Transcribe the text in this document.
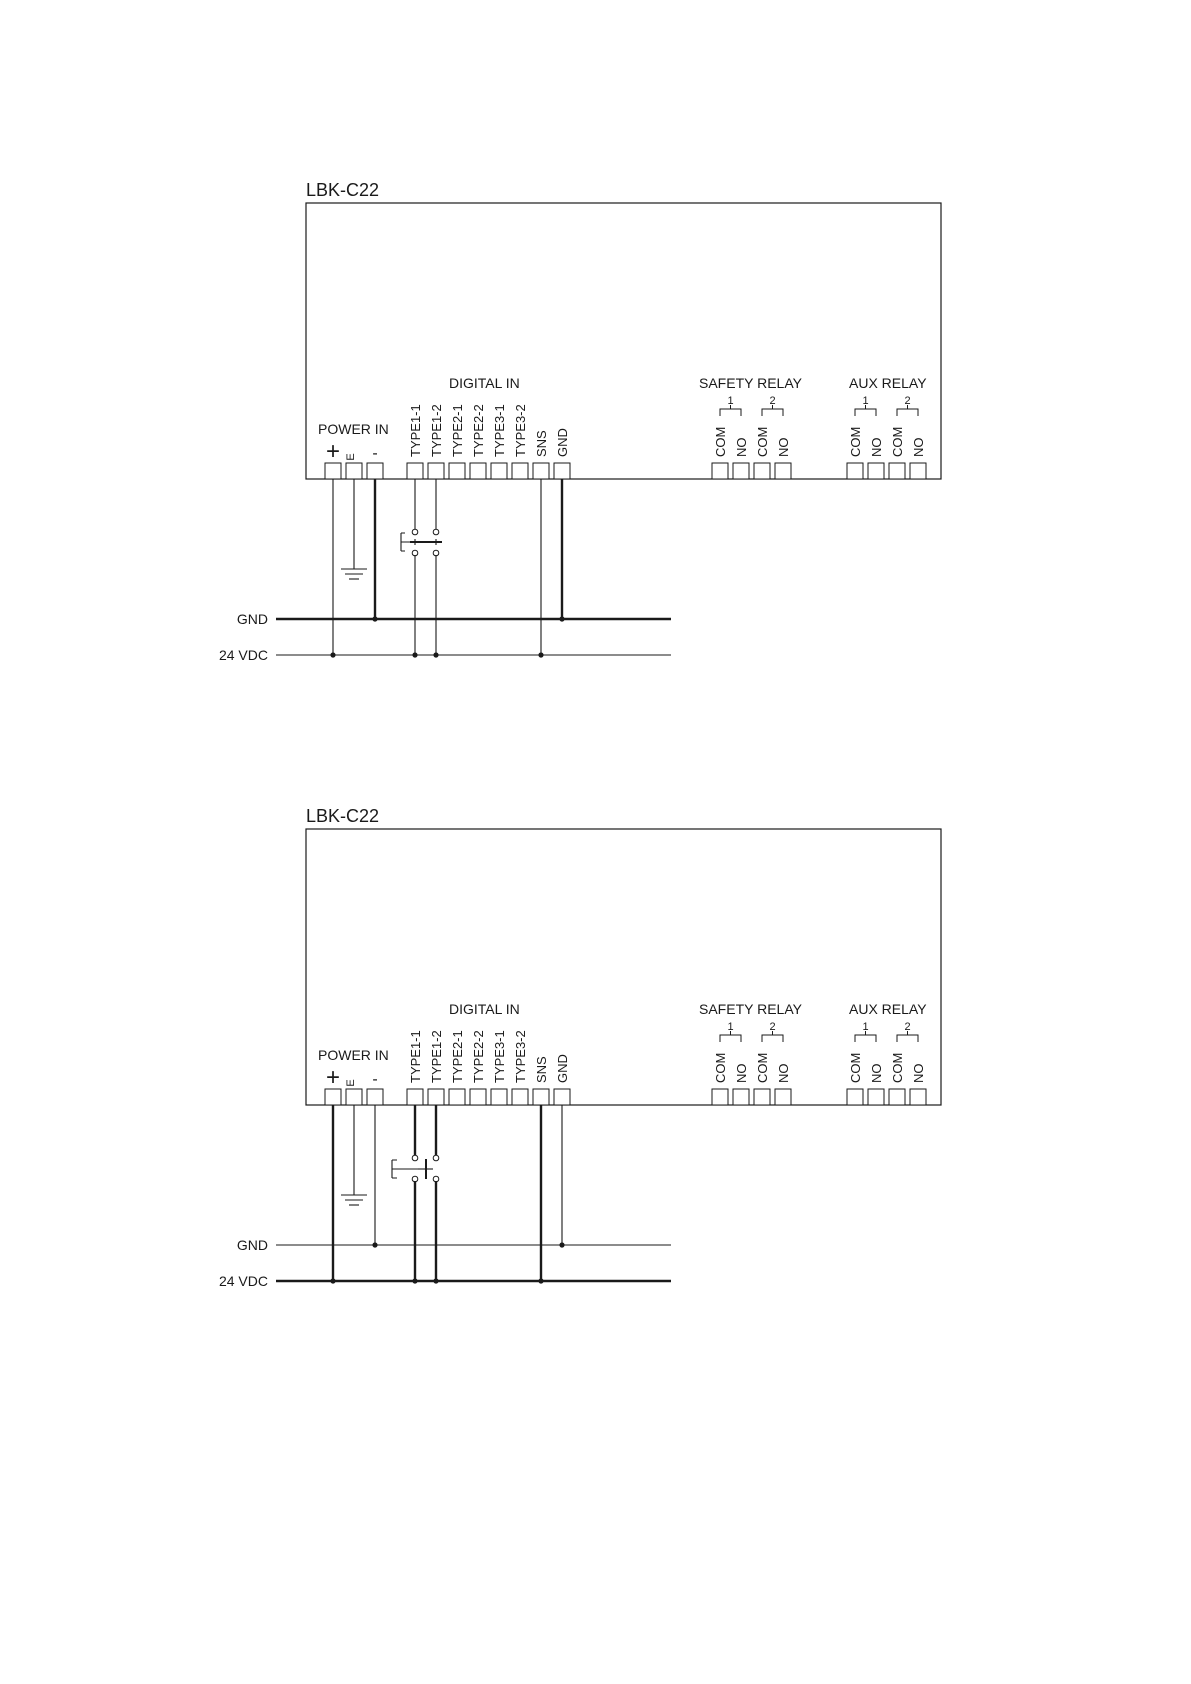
LBK-C22
POWER IN
DIGITAL IN	SAFETY RELAY	AUX RELAY
+ E - TYPE1-1 TYPE1-2 TYPE2-1 TYPE2-2 TYPE3-1 TYPE3-2 SNS GND	COM NO COM NO
1	2
COM NO COM NO
1	2
GND
24 VDC
LBK-C22
POWER IN
DIGITAL IN	SAFETY RELAY	AUX RELAY
+ E - TYPE1-1 TYPE1-2 TYPE2-1 TYPE2-2 TYPE3-1 TYPE3-2 SNS GND	COM NO COM NO
1	2
COM NO COM NO
1	2
GND
24 VDC
